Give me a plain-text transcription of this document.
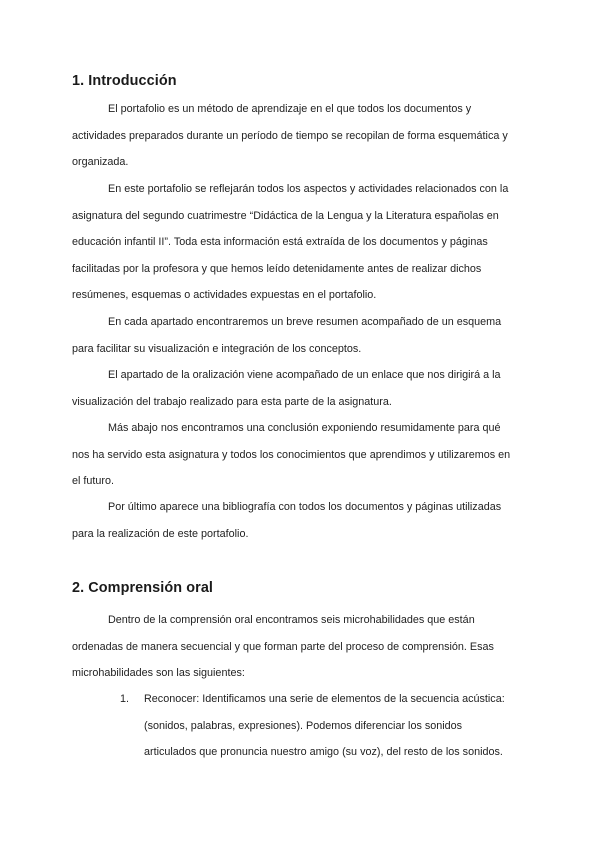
1. Introducción

El portafolio es un método de aprendizaje en el que todos los documentos y
actividades preparados durante un período de tiempo se recopilan de forma esquemática y
organizada.

En este portafolio se reflejarán todos los aspectos y actividades relacionados con la
asignatura del segundo cuatrimestre “Didáctica de la Lengua y la Literatura españolas en
educación infantil II”. Toda esta información está extraída de los documentos y páginas
facilitadas por la profesora y que hemos leído detenidamente antes de realizar dichos
resúmenes, esquemas o actividades expuestas en el portafolio.

En cada apartado encontraremos un breve resumen acompañado de un esquema
para facilitar su visualización e integración de los conceptos.

El apartado de la oralización viene acompañado de un enlace que nos dirigirá a la
visualización del trabajo realizado para esta parte de la asignatura.

Más abajo nos encontramos una conclusión exponiendo resumidamente para qué
nos ha servido esta asignatura y todos los conocimientos que aprendimos y utilizaremos en
el futuro.

Por último aparece una bibliografía con todos los documentos y páginas utilizadas
para la realización de este portafolio.

2. Comprensión oral

Dentro de la comprensión oral encontramos seis microhabilidades que están
ordenadas de manera secuencial y que forman parte del proceso de comprensión. Esas
microhabilidades son las siguientes:

1. Reconocer: Identificamos una serie de elementos de la secuencia acústica:
(sonidos, palabras, expresiones). Podemos diferenciar los sonidos
articulados que pronuncia nuestro amigo (su voz), del resto de los sonidos.
